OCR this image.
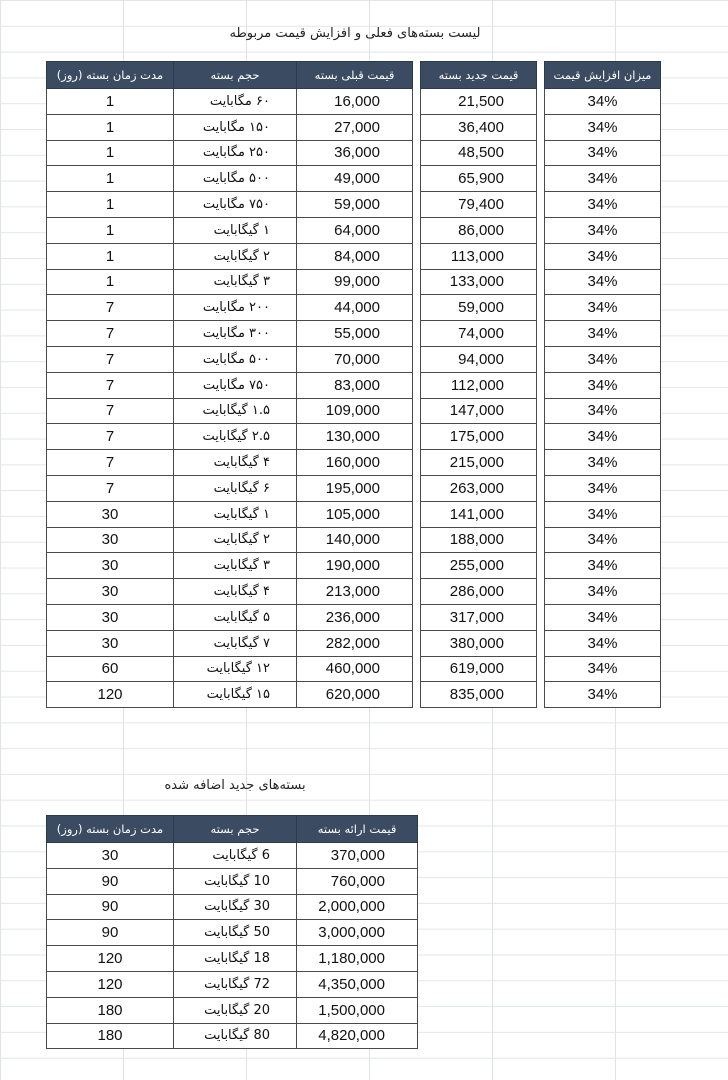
لیست بسته‌های فعلی و افزایش قیمت مربوطه
مدت زمان بسته (روز)	حجم بسته	قیمت قبلی بسته		قیمت جدید بسته		میزان افزایش قیمت
1	۶۰ مگابایت	16,000		21,500		34%
1	۱۵۰ مگابایت	27,000		36,400		34%
1	۲۵۰ مگابایت	36,000		48,500		34%
1	۵۰۰ مگابایت	49,000		65,900		34%
1	۷۵۰ مگابایت	59,000		79,400		34%
1	۱ گیگابایت	64,000		86,000		34%
1	۲ گیگابایت	84,000		113,000		34%
1	۳ گیگابایت	99,000		133,000		34%
7	۲۰۰ مگابایت	44,000		59,000		34%
7	۳۰۰ مگابایت	55,000		74,000		34%
7	۵۰۰ مگابایت	70,000		94,000		34%
7	۷۵۰ مگابایت	83,000		112,000		34%
7	۱.۵ گیگابایت	109,000		147,000		34%
7	۲.۵ گیگابایت	130,000		175,000		34%
7	۴ گیگابایت	160,000		215,000		34%
7	۶ گیگابایت	195,000		263,000		34%
30	۱ گیگابایت	105,000		141,000		34%
30	۲ گیگابایت	140,000		188,000		34%
30	۳ گیگابایت	190,000		255,000		34%
30	۴ گیگابایت	213,000		286,000		34%
30	۵ گیگابایت	236,000		317,000		34%
30	۷ گیگابایت	282,000		380,000		34%
60	۱۲ گیگابایت	460,000		619,000		34%
120	۱۵ گیگابایت	620,000		835,000		34%
بسته‌های جدید اضافه شده
مدت زمان بسته (روز)	حجم بسته	قیمت ارائه بسته
30	6 گیگابایت	370,000
90	10 گیگابایت	760,000
90	30 گیگابایت	2,000,000
90	50 گیگابایت	3,000,000
120	18 گیگابایت	1,180,000
120	72 گیگابایت	4,350,000
180	20 گیگابایت	1,500,000
180	80 گیگابایت	4,820,000
